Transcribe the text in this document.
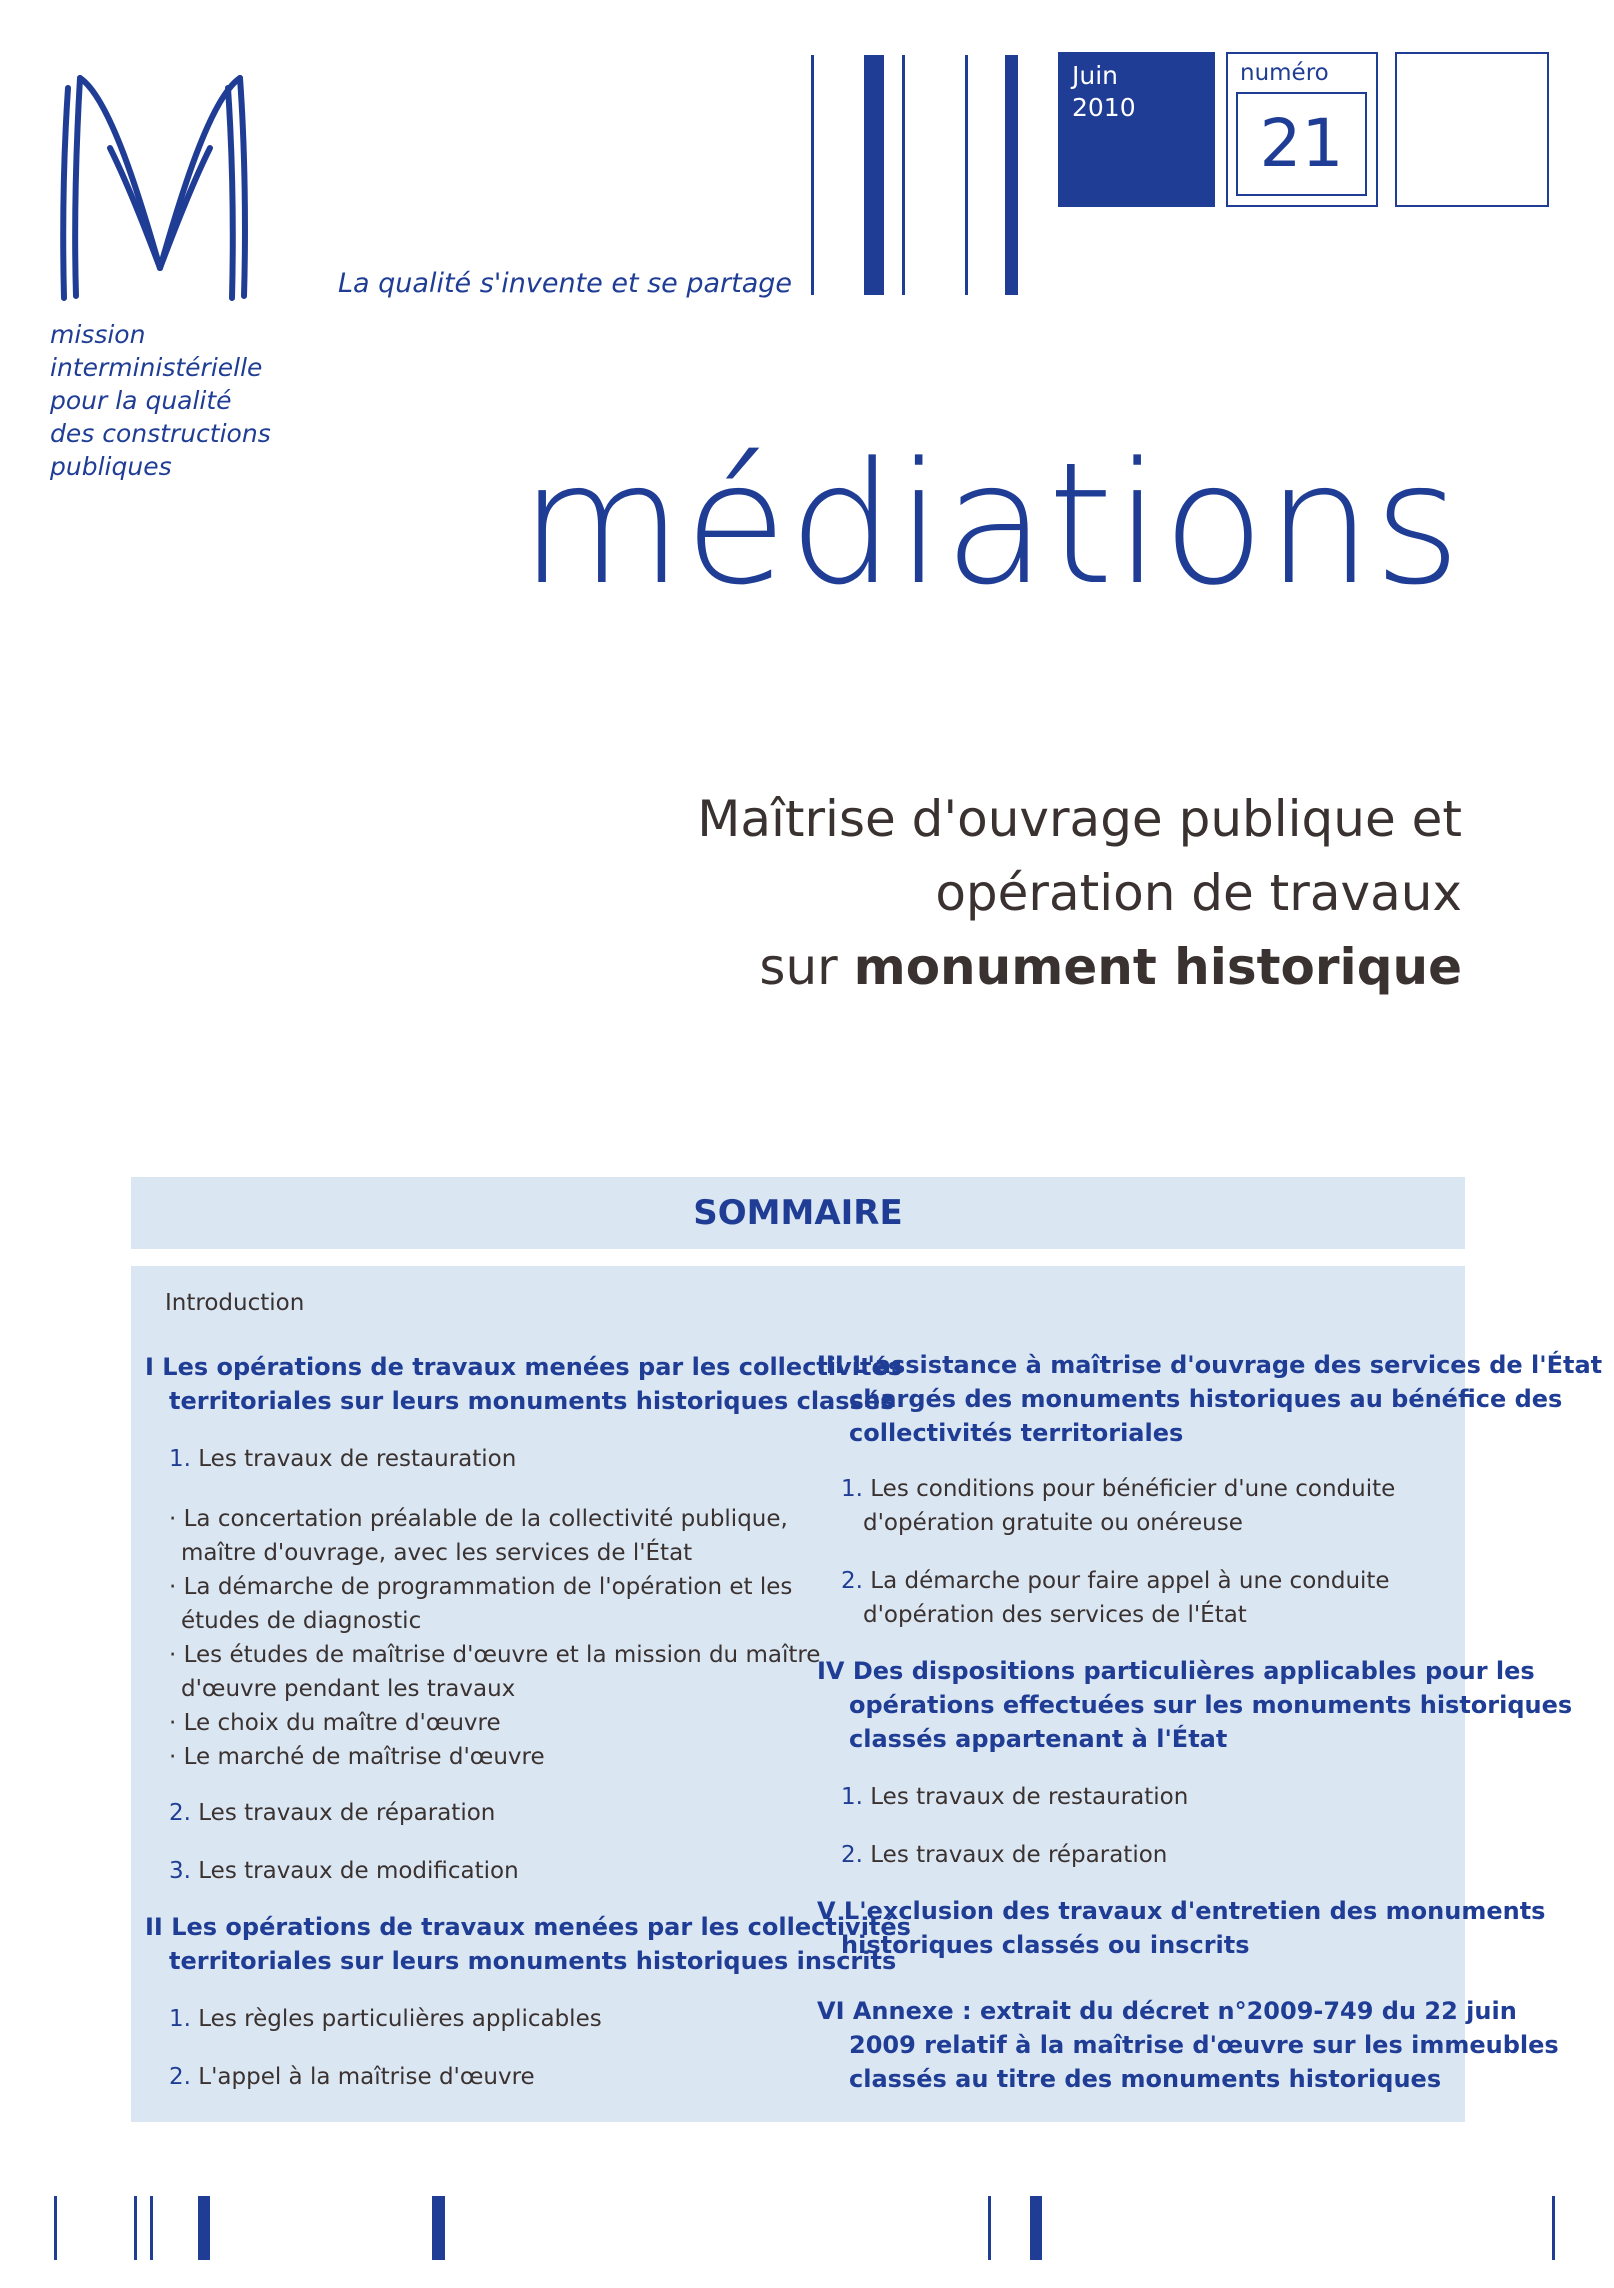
mission
interministérielle
pour la qualité
des constructions
publiques
La qualité s'invente et se partage
Juin
2010
numéro
21
médiations
Maîtrise d'ouvrage publique et
opération de travaux
sur monument historique
SOMMAIRE
Introduction
I Les opérations de travaux menées par les collectivités
territoriales sur leurs monuments historiques classés
1. Les travaux de restauration
· La concertation préalable de la collectivité publique,
maître d'ouvrage, avec les services de l'État
· La démarche de programmation de l'opération et les
études de diagnostic
· Les études de maîtrise d'œuvre et la mission du maître
d'œuvre pendant les travaux
· Le choix du maître d'œuvre
· Le marché de maîtrise d'œuvre
2. Les travaux de réparation
3. Les travaux de modification
II Les opérations de travaux menées par les collectivités
territoriales sur leurs monuments historiques inscrits
1. Les règles particulières applicables
2. L'appel à la maîtrise d'œuvre
III L'assistance à maîtrise d'ouvrage des services de l'État
chargés des monuments historiques au bénéfice des
collectivités territoriales
1. Les conditions pour bénéficier d'une conduite
d'opération gratuite ou onéreuse
2. La démarche pour faire appel à une conduite
d'opération des services de l'État
IV Des dispositions particulières applicables pour les
opérations effectuées sur les monuments historiques
classés appartenant à l'État
1. Les travaux de restauration
2. Les travaux de réparation
V L'exclusion des travaux d'entretien des monuments
historiques classés ou inscrits
VI Annexe : extrait du décret n°2009-749 du 22 juin
2009 relatif à la maîtrise d'œuvre sur les immeubles
classés au titre des monuments historiques
